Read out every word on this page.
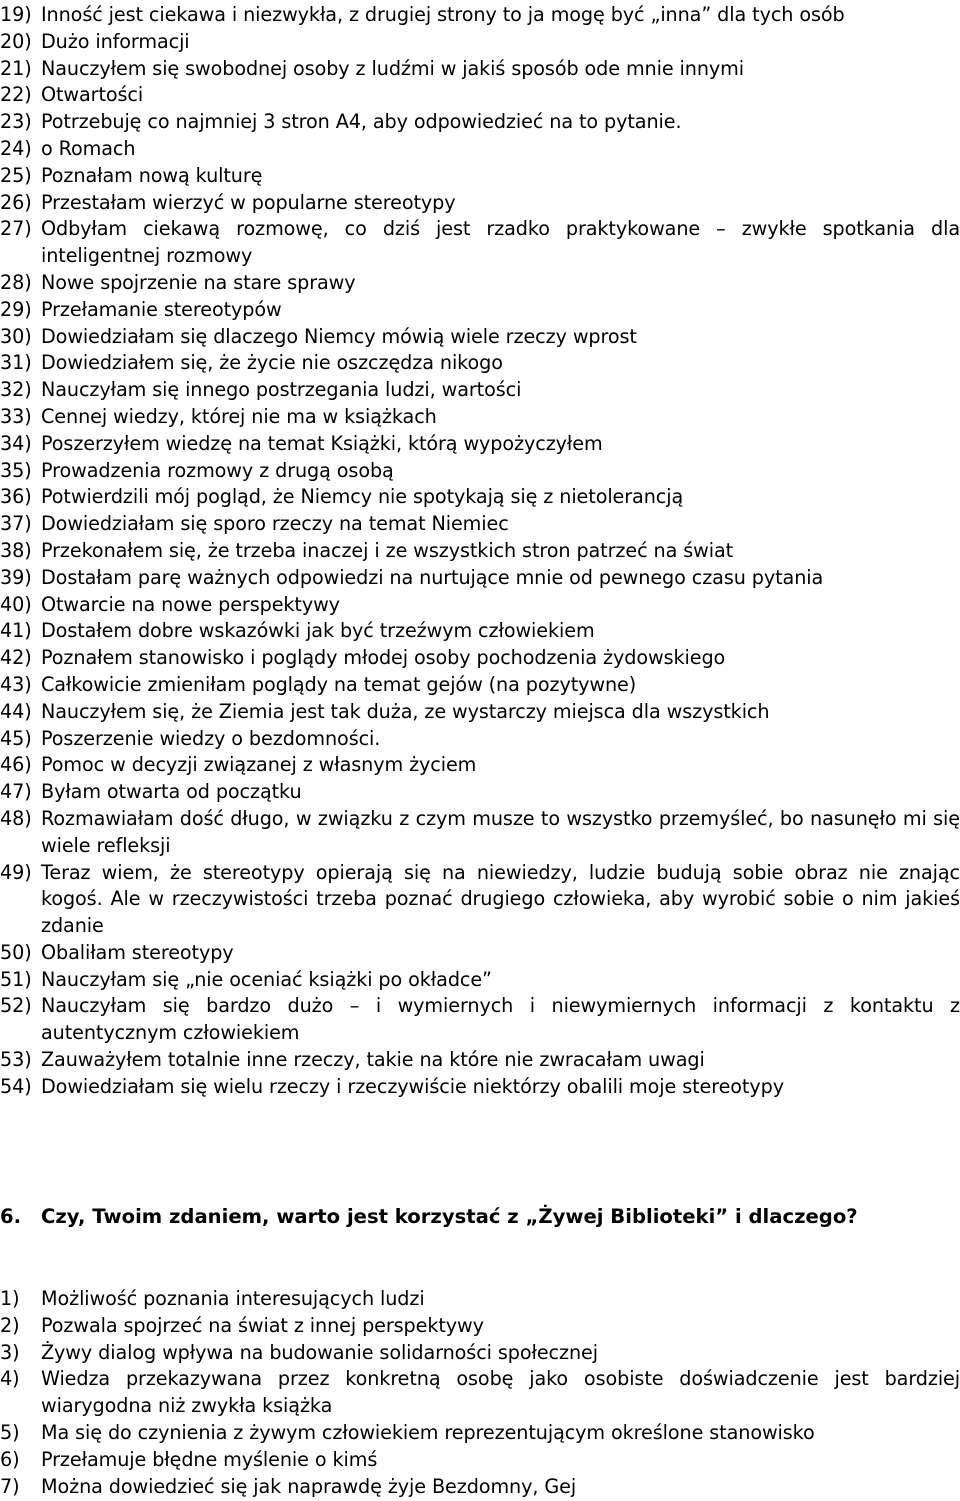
19) Inność jest ciekawa i niezwykła, z drugiej strony to ja mogę być „inna” dla tych osób
20) Dużo informacji
21) Nauczyłem się swobodnej osoby z ludźmi w jakiś sposób ode mnie innymi
22) Otwartości
23) Potrzebuję co najmniej 3 stron A4, aby odpowiedzieć na to pytanie.
24) o Romach
25) Poznałam nową kulturę
26) Przestałam wierzyć w popularne stereotypy
27) Odbyłam ciekawą rozmowę, co dziś jest rzadko praktykowane – zwykłe spotkania dla inteligentnej rozmowy
28) Nowe spojrzenie na stare sprawy
29) Przełamanie stereotypów
30) Dowiedziałam się dlaczego Niemcy mówią wiele rzeczy wprost
31) Dowiedziałem się, że życie nie oszczędza nikogo
32) Nauczyłam się innego postrzegania ludzi, wartości
33) Cennej wiedzy, której nie ma w książkach
34) Poszerzyłem wiedzę na temat Książki, którą wypożyczyłem
35) Prowadzenia rozmowy z drugą osobą
36) Potwierdzili mój pogląd, że Niemcy nie spotykają się z nietolerancją
37) Dowiedziałam się sporo rzeczy na temat Niemiec
38) Przekonałem się, że trzeba inaczej i ze wszystkich stron patrzeć na świat
39) Dostałam parę ważnych odpowiedzi na nurtujące mnie od pewnego czasu pytania
40) Otwarcie na nowe perspektywy
41) Dostałem dobre wskazówki jak być trzeźwym człowiekiem
42) Poznałem stanowisko i poglądy młodej osoby pochodzenia żydowskiego
43) Całkowicie zmieniłam poglądy na temat gejów (na pozytywne)
44) Nauczyłem się, że Ziemia jest tak duża, ze wystarczy miejsca dla wszystkich
45) Poszerzenie wiedzy o bezdomności.
46) Pomoc w decyzji związanej z własnym życiem
47) Byłam otwarta od początku
48) Rozmawiałam dość długo, w związku z czym musze to wszystko przemyśleć, bo nasunęło mi się wiele refleksji
49) Teraz wiem, że stereotypy opierają się na niewiedzy, ludzie budują sobie obraz nie znając kogoś. Ale w rzeczywistości trzeba poznać drugiego człowieka, aby wyrobić sobie o nim jakieś zdanie
50) Obaliłam stereotypy
51) Nauczyłam się „nie oceniać książki po okładce”
52) Nauczyłam się bardzo dużo – i wymiernych i niewymiernych informacji z kontaktu z autentycznym człowiekiem
53) Zauważyłem totalnie inne rzeczy, takie na które nie zwracałam uwagi
54) Dowiedziałam się wielu rzeczy i rzeczywiście niektórzy obalili moje stereotypy
6.	Czy, Twoim zdaniem, warto jest korzystać z „Żywej Biblioteki” i dlaczego?
1) Możliwość poznania interesujących ludzi
2) Pozwala spojrzeć na świat z innej perspektywy
3) Żywy dialog wpływa na budowanie solidarności społecznej
4) Wiedza przekazywana przez konkretną osobę jako osobiste doświadczenie jest bardziej wiarygodna niż zwykła książka
5) Ma się do czynienia z żywym człowiekiem reprezentującym określone stanowisko
6) Przełamuje błędne myślenie o kimś
7) Można dowiedzieć się jak naprawdę żyje Bezdomny, Gej
